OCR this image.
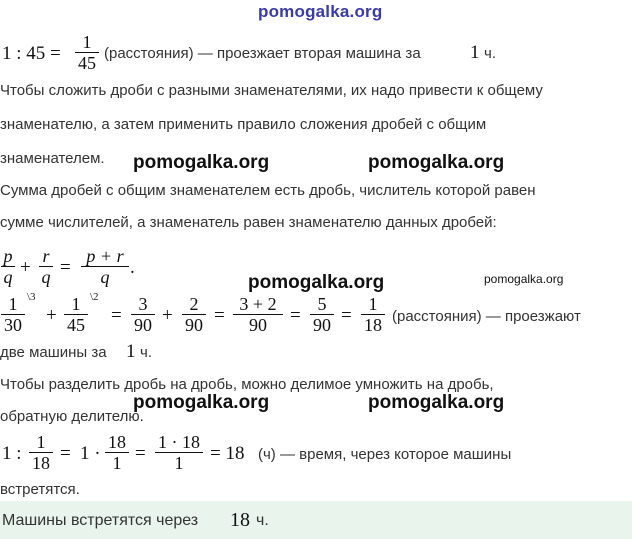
pomogalka.org
1 : 45 =
1
45 (расстояния) — проезжает вторая машина за	1 ч.
Чтобы сложить дроби с разными знаменателями, их надо привести к общему
знаменателю, а затем применить правило сложения дробей с общим
знаменателем. pomogalka.org	pomogalka.org
Сумма дробей с общим знаменателем есть дробь, числитель которой равен
сумме числителей, а знаменатель равен знаменателю данных дробей:
p
q +
r
q =
p + r
q	.
pomogalka.org	pomogalka.org
1
30
\3
+
1
45
\2
=
3
90 +
2
90 =
3 + 2
90	=
5
90 =
1
18 (расстояния) — проезжают
две машины за 1 ч.
Чтобы разделить дробь на дробь, можно делимое умножить на дробь,
обратную делителю.
pomogalka.org	pomogalka.org
1 :
1
18 = 1 ·
18
1 =
1 · 18
1	= 18 (ч) — время, через которое машины
встретятся.
Машины встретятся через 18 ч.
